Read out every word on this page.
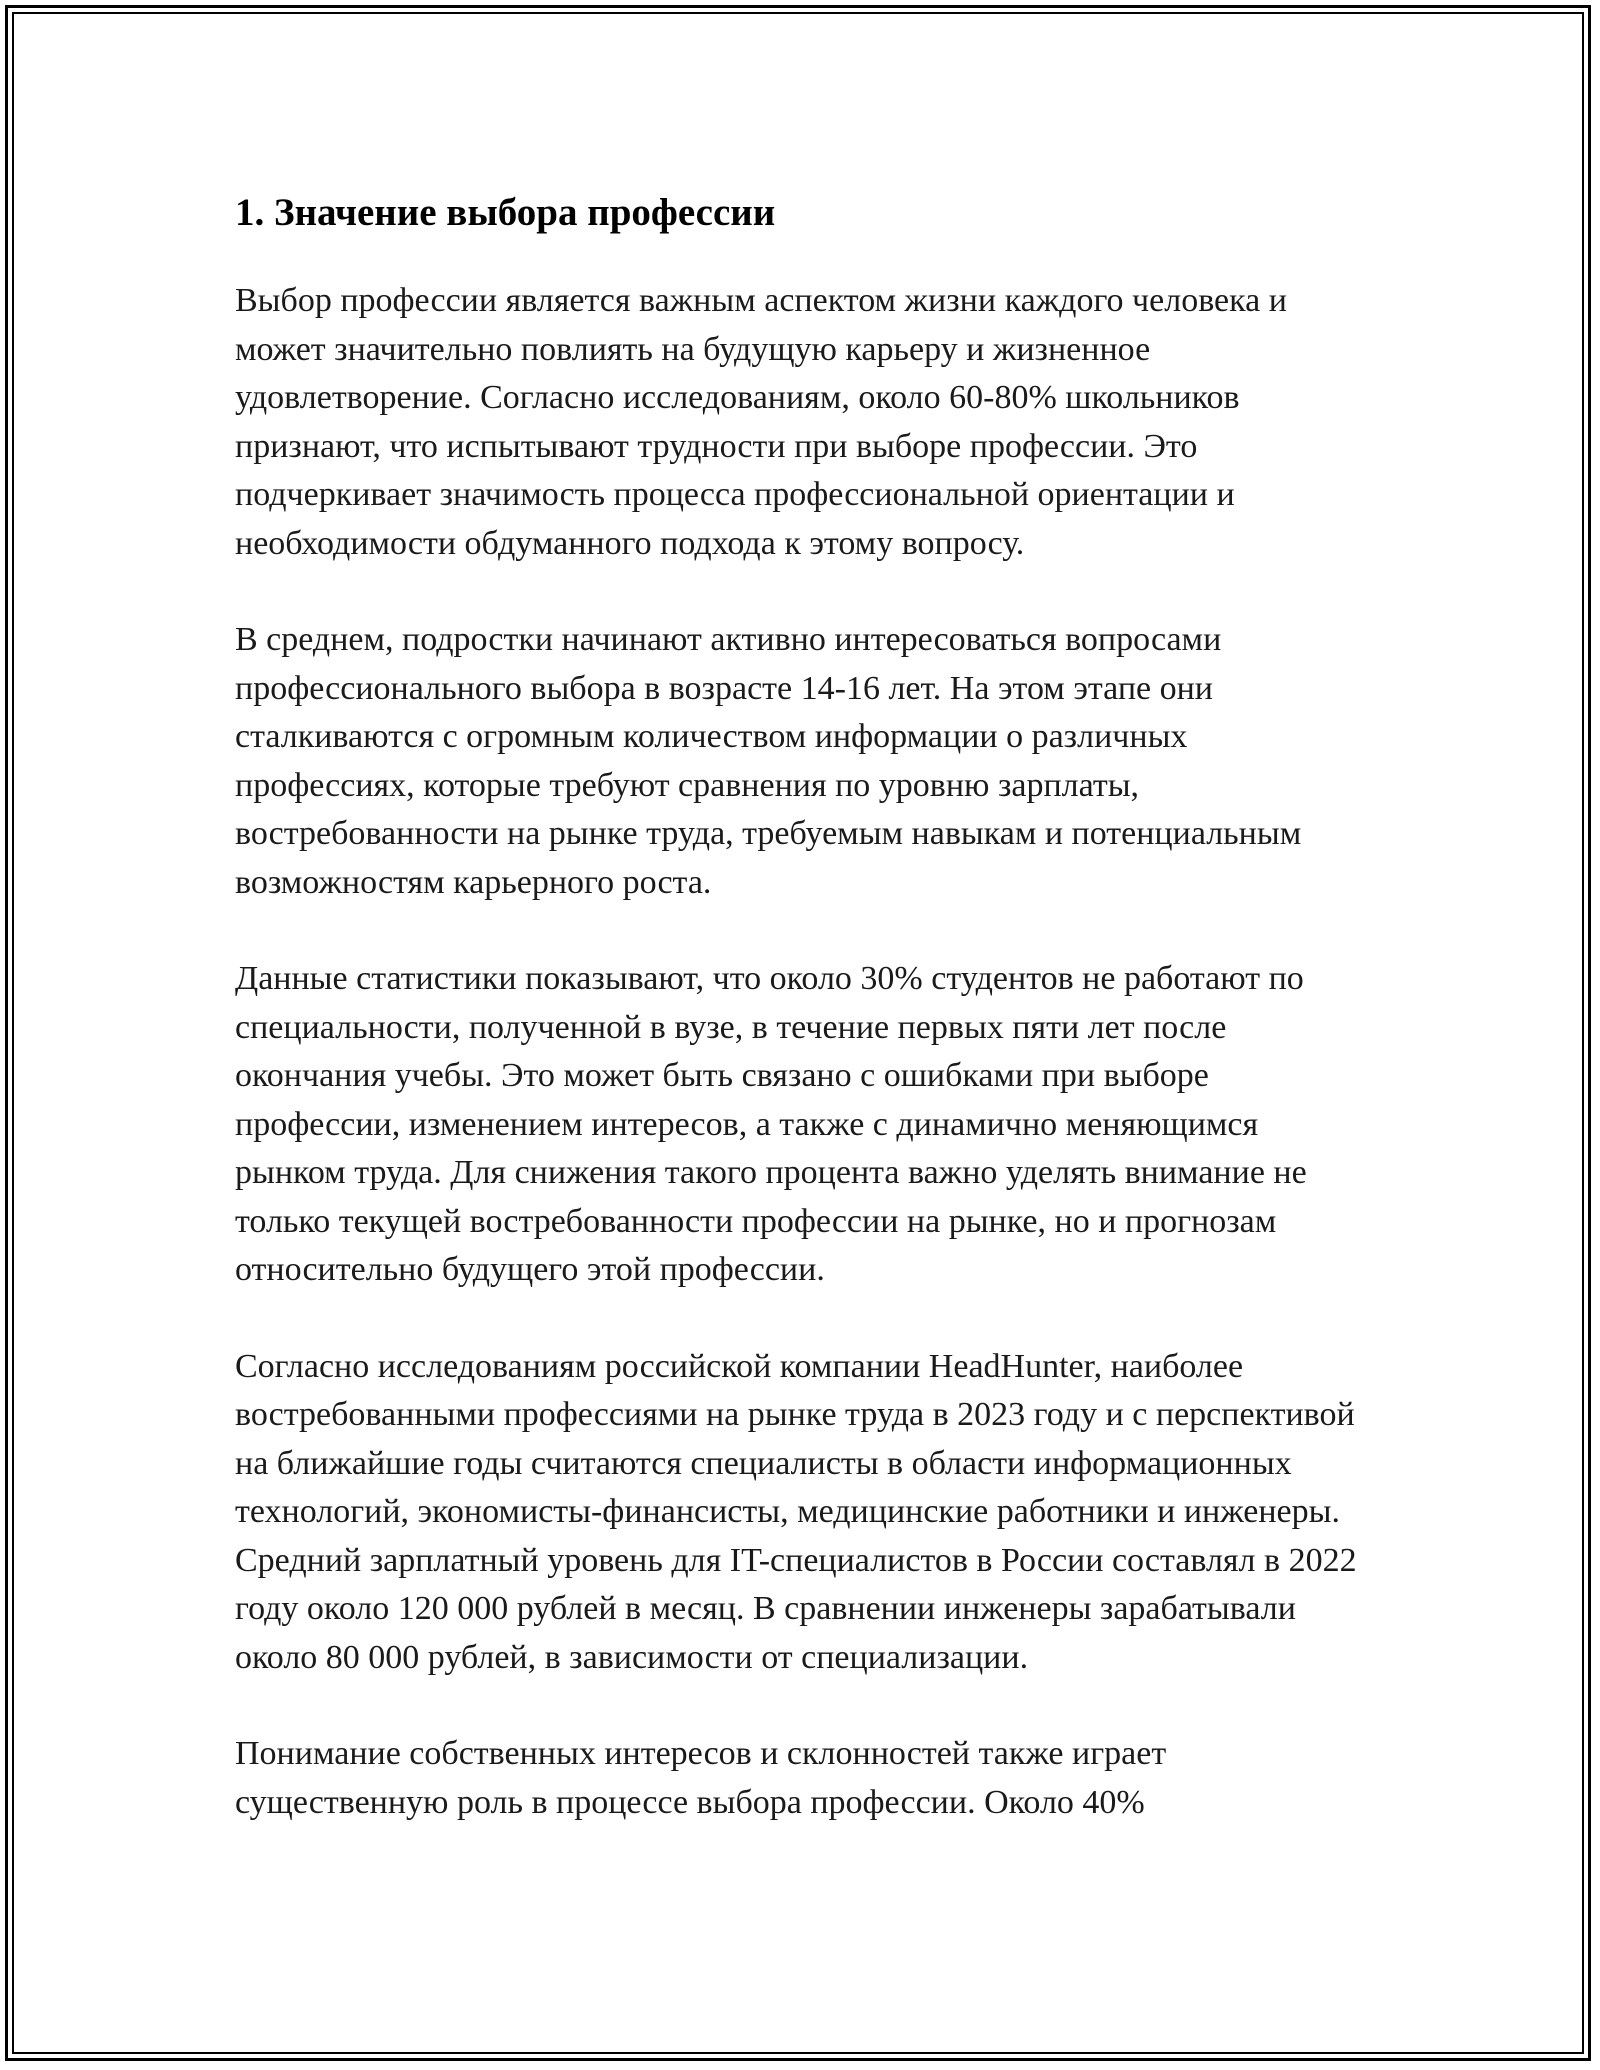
1. Значение выбора профессии

Выбор профессии является важным аспектом жизни каждого человека и может значительно повлиять на будущую карьеру и жизненное удовлетворение. Согласно исследованиям, около 60-80% школьников признают, что испытывают трудности при выборе профессии. Это подчеркивает значимость процесса профессиональной ориентации и необходимости обдуманного подхода к этому вопросу.

В среднем, подростки начинают активно интересоваться вопросами профессионального выбора в возрасте 14-16 лет. На этом этапе они сталкиваются с огромным количеством информации о различных профессиях, которые требуют сравнения по уровню зарплаты, востребованности на рынке труда, требуемым навыкам и потенциальным возможностям карьерного роста.

Данные статистики показывают, что около 30% студентов не работают по специальности, полученной в вузе, в течение первых пяти лет после окончания учебы. Это может быть связано с ошибками при выборе профессии, изменением интересов, а также с динамично меняющимся рынком труда. Для снижения такого процента важно уделять внимание не только текущей востребованности профессии на рынке, но и прогнозам относительно будущего этой профессии.

Согласно исследованиям российской компании HeadHunter, наиболее востребованными профессиями на рынке труда в 2023 году и с перспективой на ближайшие годы считаются специалисты в области информационных технологий, экономисты-финансисты, медицинские работники и инженеры. Средний зарплатный уровень для IT-специалистов в России составлял в 2022 году около 120 000 рублей в месяц. В сравнении инженеры зарабатывали около 80 000 рублей, в зависимости от специализации.

Понимание собственных интересов и склонностей также играет существенную роль в процессе выбора профессии. Около 40%
